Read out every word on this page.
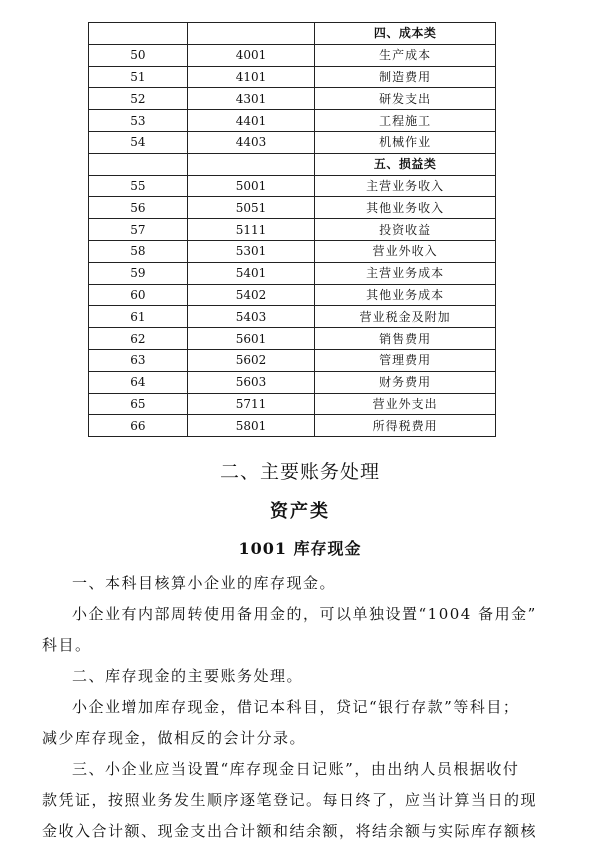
		四、成本类
50	4001	生产成本
51	4101	制造费用
52	4301	研发支出
53	4401	工程施工
54	4403	机械作业
		五、损益类
55	5001	主营业务收入
56	5051	其他业务收入
57	5111	投资收益
58	5301	营业外收入
59	5401	主营业务成本
60	5402	其他业务成本
61	5403	营业税金及附加
62	5601	销售费用
63	5602	管理费用
64	5603	财务费用
65	5711	营业外支出
66	5801	所得税费用
二、主要账务处理
资产类
1001 库存现金

一、本科目核算小企业的库存现金。

小企业有内部周转使用备用金的，可以单独设置“1004 备用金”

科目。

二、库存现金的主要账务处理。

小企业增加库存现金，借记本科目，贷记“银行存款”等科目；

减少库存现金，做相反的会计分录。

三、小企业应当设置“库存现金日记账”，由出纳人员根据收付

款凭证，按照业务发生顺序逐笔登记。每日终了，应当计算当日的现

金收入合计额、现金支出合计额和结余额，将结余额与实际库存额核
